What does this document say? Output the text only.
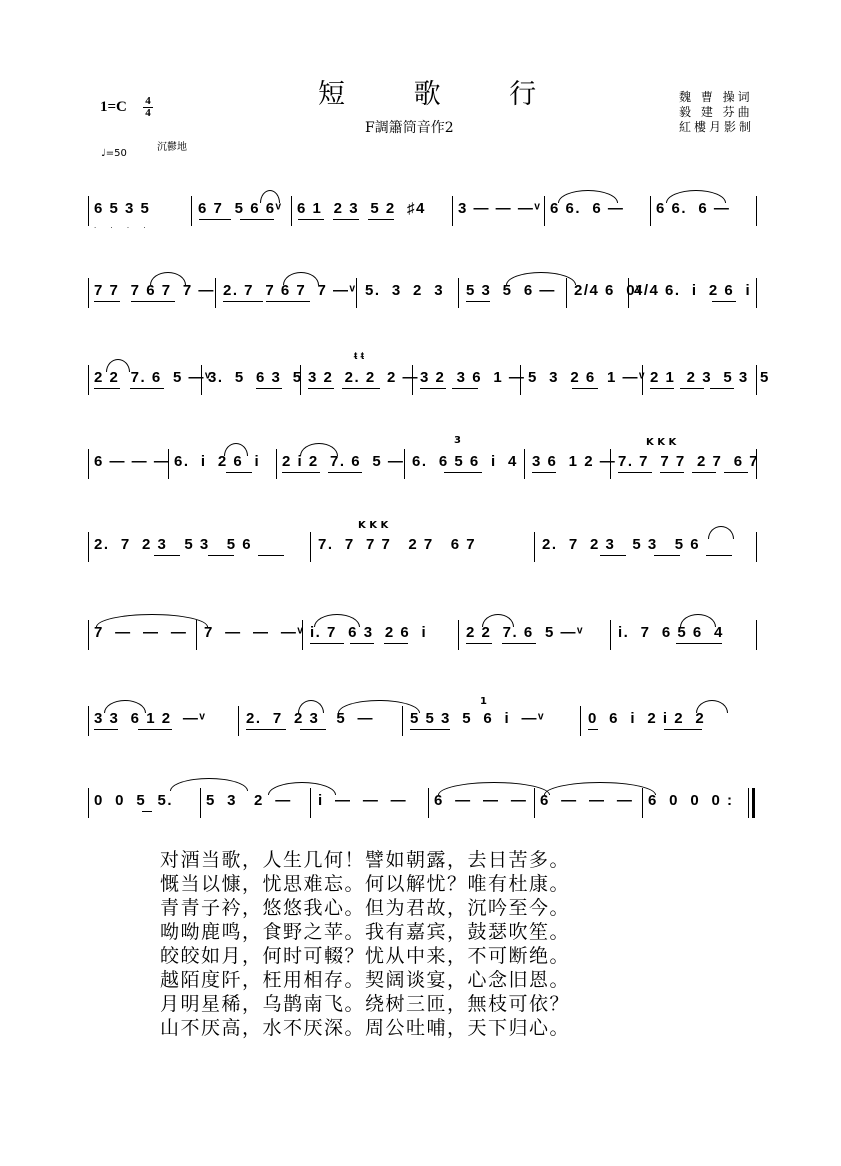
短 歌 行
F調簫筒音作2
魏 曹 操词
毅 建 芬曲
紅樓月影制
1=C 4
4
沉鬱地
♩=50
6 5 3 5
. . . .
6 7  5 6 6ᵛ 6 1  2 3  5 2  ♯4 3 — — —ᵛ 6 6.  6 — 6 6.  6 —
7 7  7 6 7  7 — 2. 7  7 6 7  7 —ᵛ 5.  3  2  3 5 3  5  6 — 2/4 6  0ᵛ
4/4 6.  i  2 6  i
2 2  7. 6  5 —ᵛ
3.  5  6 3  5 3 2  2. 2  2 —
ᵵ ᵵ
3 2  3 6  1 — 5  3  2 6  1 —ᵛ 2 1  2 3  5 3  5
6 — — — 6.  i  2 6  i 2 i 2  7. 6  5 — 6.  6 5 6  i  4
3
3 6  1 2 — 7. 7  7 7  2 7  6 7
K K K
2.  7  2 3   5 3   5 6	7.  7  7 7   2 7   6 7
K K K
2.  7  2 3   5 3   5 6
7  —  —  — 7  —  —  —ᵛ i. 7  6 3  2 6  i	2 2  7. 6  5 —ᵛ i.  7  6 5 6  4
3 3  6 1 2  —ᵛ	2.  7  2 3   5  — 5 5 3  5  6  i  —ᵛ
1
0  6  i  2 i 2  2
0  0  5  5. 5  3   2  — i  —  —  — 6  —  —  — 6  —  —  — 6  0  0  0 :
对酒当歌，人生几何！譬如朝露，去日苦多。
慨当以慷，忧思难忘。何以解忧？唯有杜康。
青青子衿，悠悠我心。但为君故，沉吟至今。
呦呦鹿鸣，食野之苹。我有嘉宾，鼓瑟吹笙。
皎皎如月，何时可輟？忧从中来，不可断绝。
越陌度阡，枉用相存。契阔谈宴，心念旧恩。
月明星稀，乌鹊南飞。绕树三匝，無枝可依？
山不厌高，水不厌深。周公吐哺，天下归心。
